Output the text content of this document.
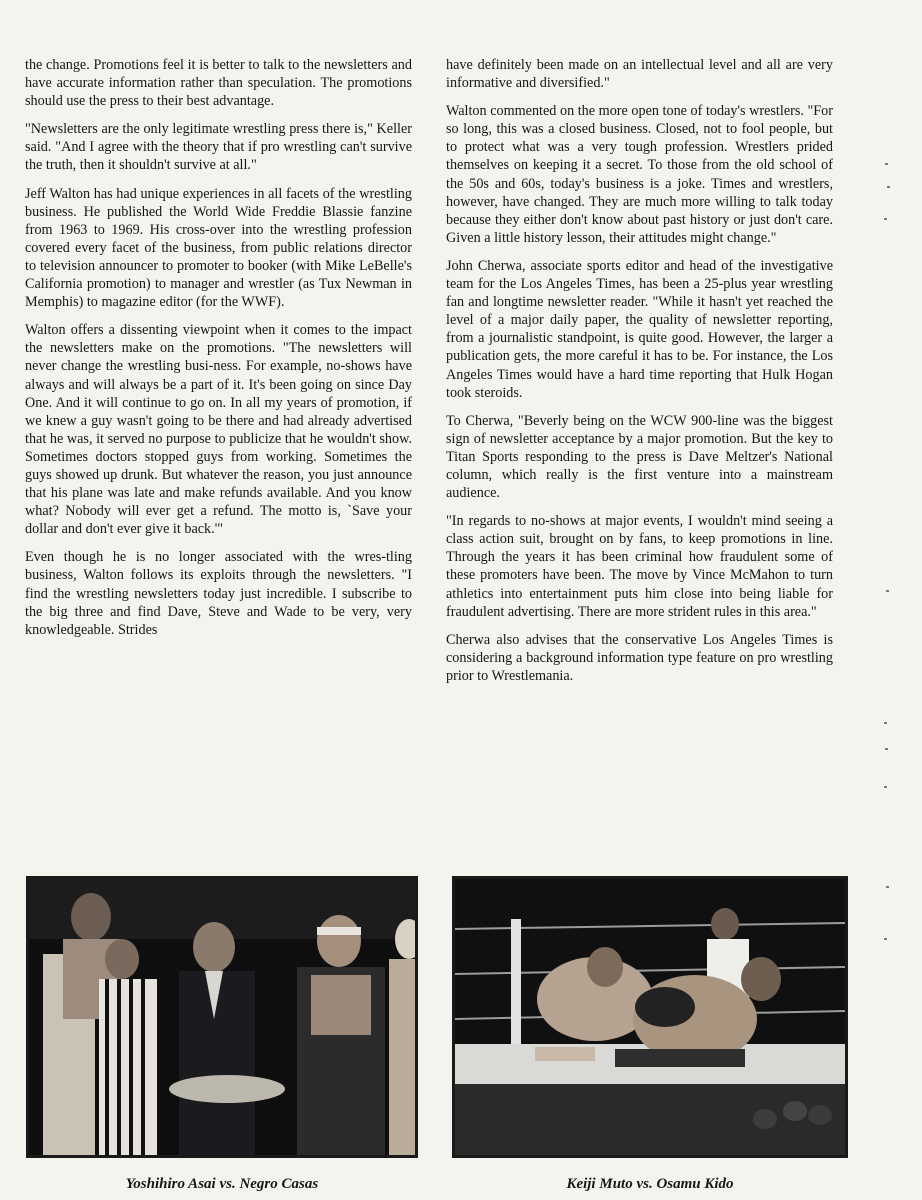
the change. Promotions feel it is better to talk to the newsletters and have accurate information rather than speculation. The promotions should use the press to their best advantage.

"Newsletters are the only legitimate wrestling press there is," Keller said. "And I agree with the theory that if pro wrestling can't survive the truth, then it shouldn't survive at all."

Jeff Walton has had unique experiences in all facets of the wrestling business. He published the World Wide Freddie Blassie fanzine from 1963 to 1969. His cross-over into the wrestling profession covered every facet of the business, from public relations director to television announcer to promoter to booker (with Mike LeBelle's California promotion) to manager and wrestler (as Tux Newman in Memphis) to magazine editor (for the WWF).

Walton offers a dissenting viewpoint when it comes to the impact the newsletters make on the promotions. "The newsletters will never change the wrestling busi-ness. For example, no-shows have always and will always be a part of it. It's been going on since Day One. And it will continue to go on. In all my years of promotion, if we knew a guy wasn't going to be there and had already advertised that he was, it served no purpose to publicize that he wouldn't show. Sometimes doctors stopped guys from working. Sometimes the guys showed up drunk. But whatever the reason, you just announce that his plane was late and make refunds available. And you know what? Nobody will ever get a refund. The motto is, `Save your dollar and don't ever give it back.'"

Even though he is no longer associated with the wres-tling business, Walton follows its exploits through the newsletters. "I find the wrestling newsletters today just incredible. I subscribe to the big three and find Dave, Steve and Wade to be very, very knowledgeable. Strides

have definitely been made on an intellectual level and all are very informative and diversified."

Walton commented on the more open tone of today's wrestlers. "For so long, this was a closed business. Closed, not to fool people, but to protect what was a very tough profession. Wrestlers prided themselves on keeping it a secret. To those from the old school of the 50s and 60s, today's business is a joke. Times and wrestlers, however, have changed. They are much more willing to talk today because they either don't know about past history or just don't care. Given a little history lesson, their attitudes might change."

John Cherwa, associate sports editor and head of the investigative team for the Los Angeles Times, has been a 25-plus year wrestling fan and longtime newsletter reader. "While it hasn't yet reached the level of a major daily paper, the quality of newsletter reporting, from a journalistic standpoint, is quite good. However, the larger a publication gets, the more careful it has to be. For instance, the Los Angeles Times would have a hard time reporting that Hulk Hogan took steroids.

To Cherwa, "Beverly being on the WCW 900-line was the biggest sign of newsletter acceptance by a major promotion. But the key to Titan Sports responding to the press is Dave Meltzer's National column, which really is the first venture into a mainstream audience.

"In regards to no-shows at major events, I wouldn't mind seeing a class action suit, brought on by fans, to keep promotions in line. Through the years it has been criminal how fraudulent some of these promoters have been. The move by Vince McMahon to turn athletics into entertainment puts him close into being liable for fraudulent advertising. There are more strident rules in this area."

Cherwa also advises that the conservative Los Angeles Times is considering a background information type feature on pro wrestling prior to Wrestlemania.

Yoshihiro Asai vs. Negro Casas	Keiji Muto vs. Osamu Kido
